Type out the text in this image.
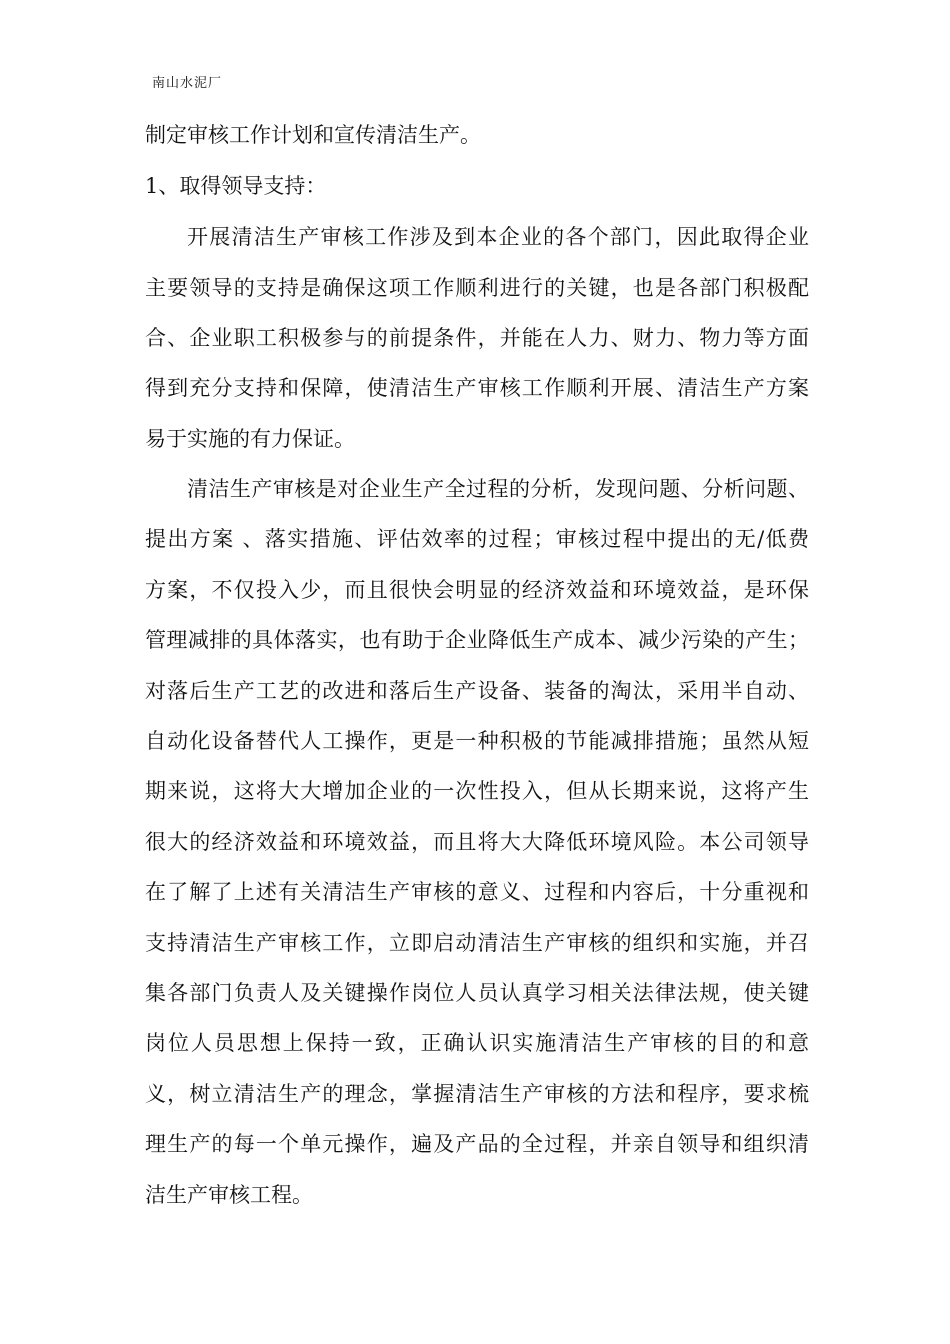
南山水泥厂
制定审核工作计划和宣传清洁生产。
1、取得领导支持：
开展清洁生产审核工作涉及到本企业的各个部门，因此取得企业
主要领导的支持是确保这项工作顺利进行的关键，也是各部门积极配
合、企业职工积极参与的前提条件，并能在人力、财力、物力等方面
得到充分支持和保障，使清洁生产审核工作顺利开展、清洁生产方案
易于实施的有力保证。
清洁生产审核是对企业生产全过程的分析，发现问题、分析问题、
提出方案 、落实措施、评估效率的过程；审核过程中提出的无/低费
方案，不仅投入少，而且很快会明显的经济效益和环境效益，是环保
管理减排的具体落实，也有助于企业降低生产成本、减少污染的产生；
对落后生产工艺的改进和落后生产设备、装备的淘汰，采用半自动、
自动化设备替代人工操作，更是一种积极的节能减排措施；虽然从短
期来说，这将大大增加企业的一次性投入，但从长期来说，这将产生
很大的经济效益和环境效益，而且将大大降低环境风险。本公司领导
在了解了上述有关清洁生产审核的意义、过程和内容后，十分重视和
支持清洁生产审核工作，立即启动清洁生产审核的组织和实施，并召
集各部门负责人及关键操作岗位人员认真学习相关法律法规，使关键
岗位人员思想上保持一致，正确认识实施清洁生产审核的目的和意
义，树立清洁生产的理念，掌握清洁生产审核的方法和程序，要求梳
理生产的每一个单元操作，遍及产品的全过程，并亲自领导和组织清
洁生产审核工程。
